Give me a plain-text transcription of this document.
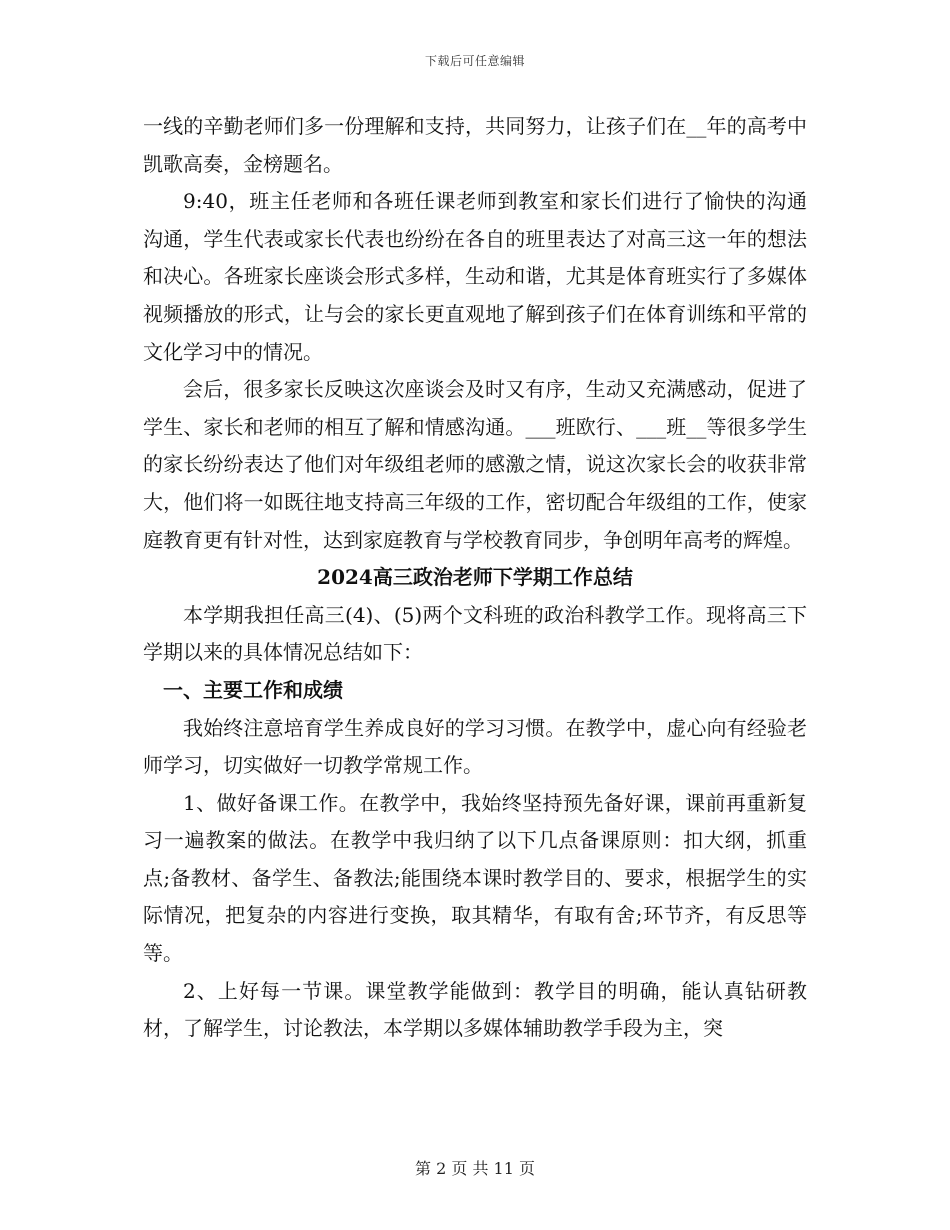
下载后可任意编辑

一线的辛勤老师们多一份理解和支持，共同努力，让孩子们在__年的高考中凯歌高奏，金榜题名。

9:40，班主任老师和各班任课老师到教室和家长们进行了愉快的沟通沟通，学生代表或家长代表也纷纷在各自的班里表达了对高三这一年的想法和决心。各班家长座谈会形式多样，生动和谐，尤其是体育班实行了多媒体视频播放的形式，让与会的家长更直观地了解到孩子们在体育训练和平常的文化学习中的情况。

会后，很多家长反映这次座谈会及时又有序，生动又充满感动，促进了学生、家长和老师的相互了解和情感沟通。___班欧行、___班__等很多学生的家长纷纷表达了他们对年级组老师的感激之情，说这次家长会的收获非常大，他们将一如既往地支持高三年级的工作，密切配合年级组的工作，使家庭教育更有针对性，达到家庭教育与学校教育同步，争创明年高考的辉煌。

2024高三政治老师下学期工作总结

本学期我担任高三(4)、(5)两个文科班的政治科教学工作。现将高三下学期以来的具体情况总结如下：

一、主要工作和成绩

我始终注意培育学生养成良好的学习习惯。在教学中，虚心向有经验老师学习，切实做好一切教学常规工作。

1、做好备课工作。在教学中，我始终坚持预先备好课，课前再重新复习一遍教案的做法。在教学中我归纳了以下几点备课原则：扣大纲，抓重点;备教材、备学生、备教法;能围绕本课时教学目的、要求，根据学生的实际情况，把复杂的内容进行变换，取其精华，有取有舍;环节齐，有反思等等。

2、上好每一节课。课堂教学能做到：教学目的明确，能认真钻研教材，了解学生，讨论教法，本学期以多媒体辅助教学手段为主，突

第 2 页 共 11 页
